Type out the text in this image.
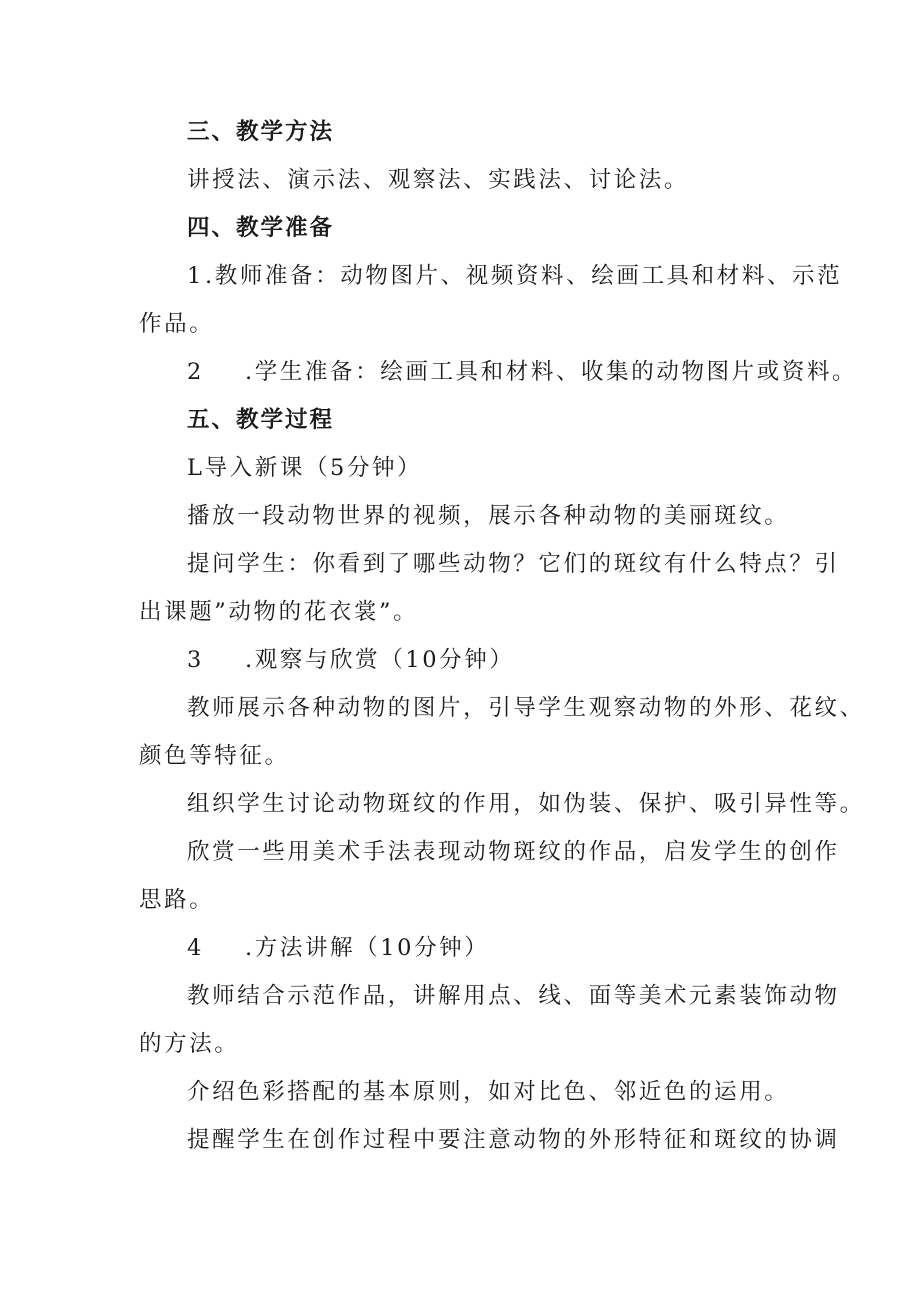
三、教学方法
讲授法、演示法、观察法、实践法、讨论法。
四、教学准备
1.教师准备：动物图片、视频资料、绘画工具和材料、示范
作品。
2 .学生准备：绘画工具和材料、收集的动物图片或资料。
五、教学过程
L导入新课（5分钟）
播放一段动物世界的视频，展示各种动物的美丽斑纹。
提问学生：你看到了哪些动物？它们的斑纹有什么特点？引
出课题”动物的花衣裳”。
3 .观察与欣赏（10分钟）
教师展示各种动物的图片，引导学生观察动物的外形、花纹、
颜色等特征。
组织学生讨论动物斑纹的作用，如伪装、保护、吸引异性等。
欣赏一些用美术手法表现动物斑纹的作品，启发学生的创作
思路。
4 .方法讲解（10分钟）
教师结合示范作品，讲解用点、线、面等美术元素装饰动物
的方法。
介绍色彩搭配的基本原则，如对比色、邻近色的运用。
提醒学生在创作过程中要注意动物的外形特征和斑纹的协调
